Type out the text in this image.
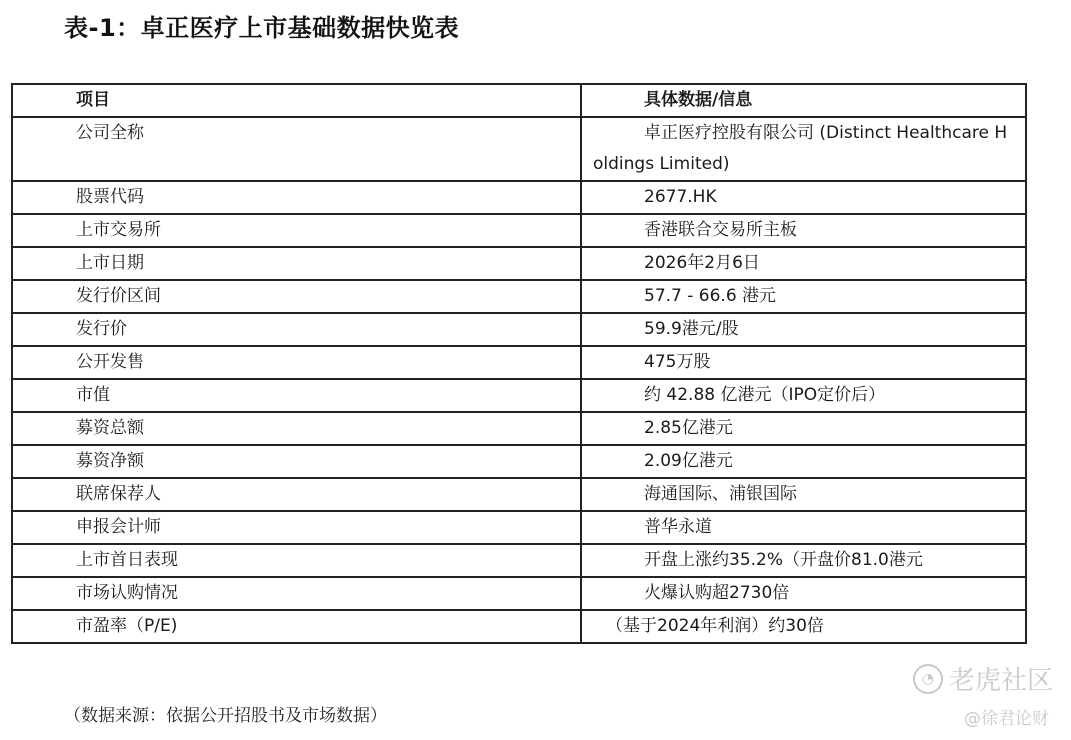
表-1：卓正医疗上市基础数据快览表
项目	具体数据/信息
公司全称	卓正医疗控股有限公司 (Distinct Healthcare Holdings Limited)
股票代码	2677.HK
上市交易所	香港联合交易所主板
上市日期	2026年2月6日
发行价区间	57.7 - 66.6 港元
发行价	59.9港元/股
公开发售	475万股
市值	约 42.88 亿港元（IPO定价后）
募资总额	2.85亿港元
募资净额	2.09亿港元
联席保荐人	海通国际、浦银国际
申报会计师	普华永道
上市首日表现	开盘上涨约35.2%（开盘价81.0港元
市场认购情况	火爆认购超2730倍
市盈率（P/E)	（基于2024年利润）约30倍
（数据来源：依据公开招股书及市场数据）
◔ 老虎社区
@徐君论财
